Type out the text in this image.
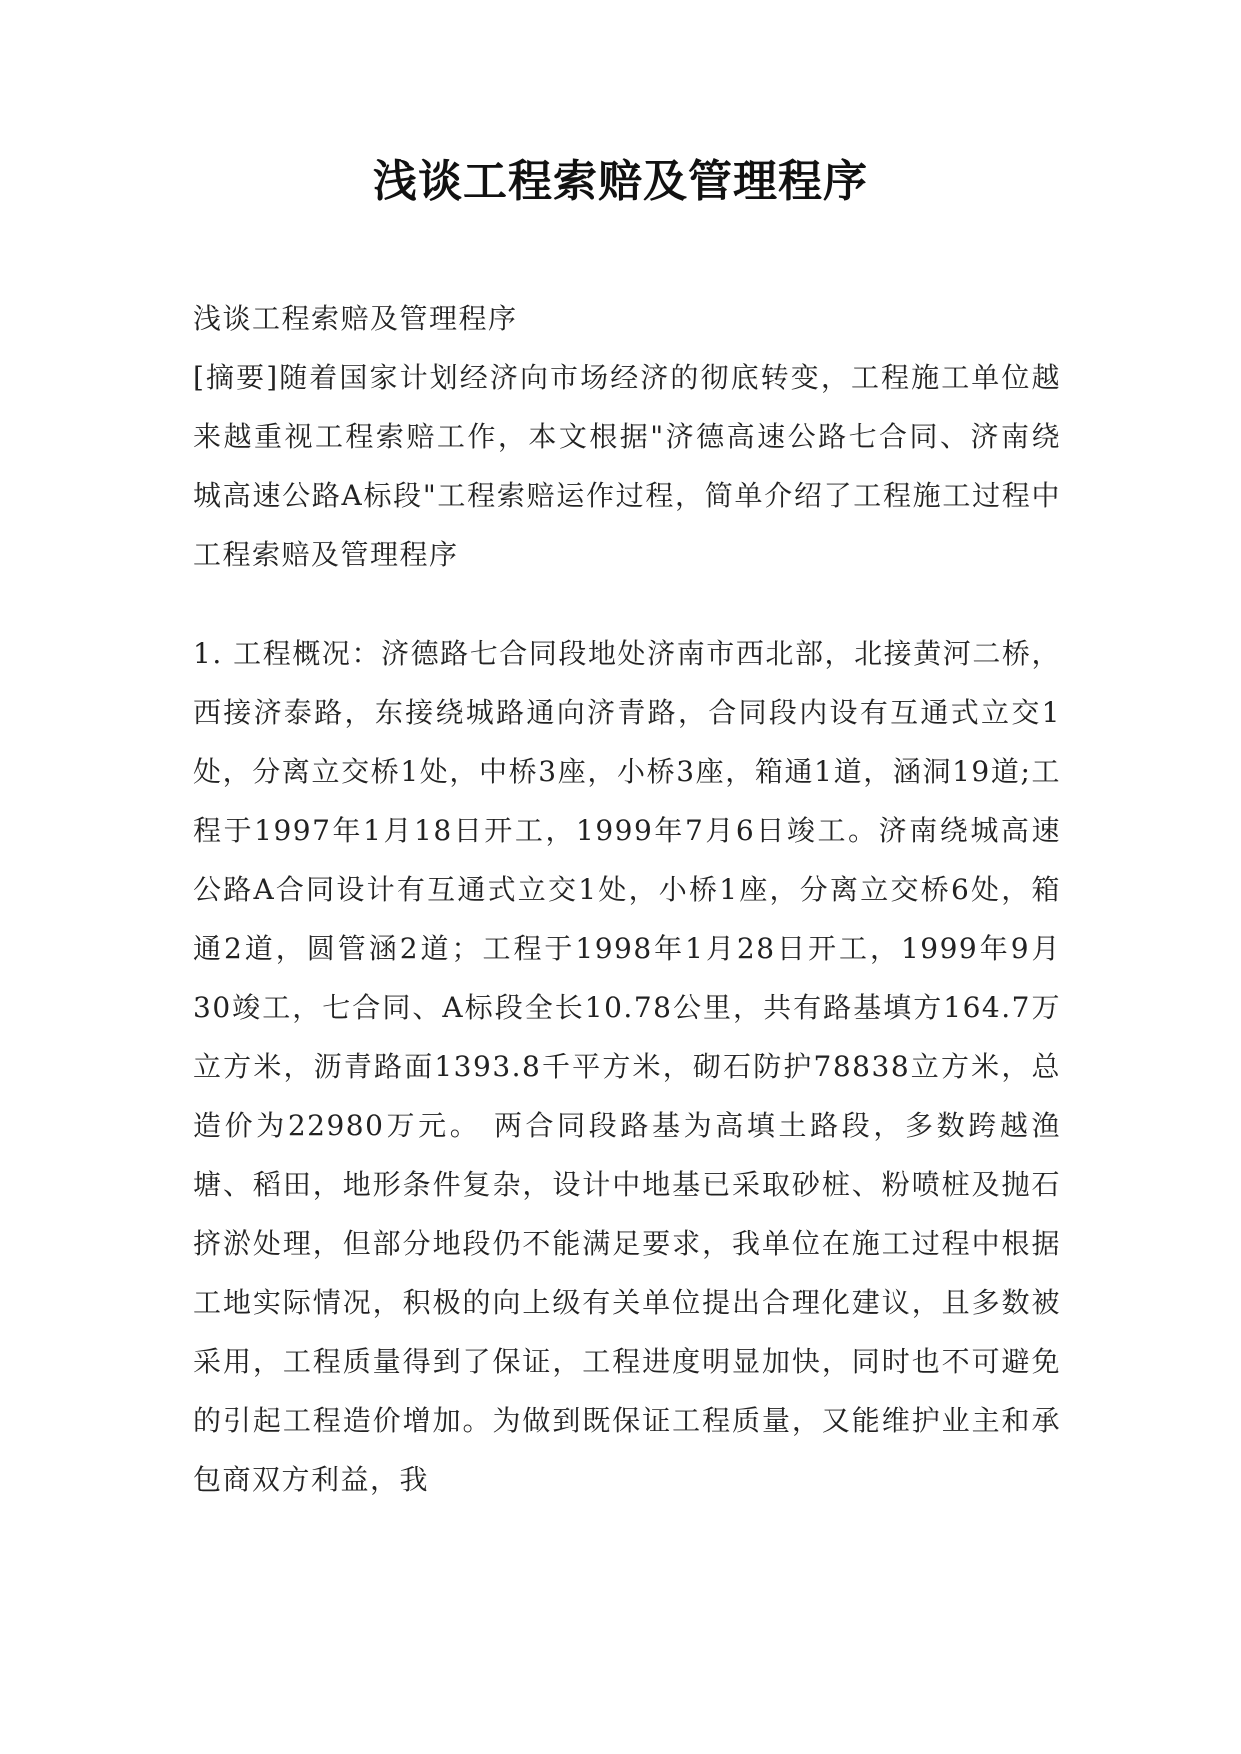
浅谈工程索赔及管理程序

浅谈工程索赔及管理程序

[摘要]随着国家计划经济向市场经济的彻底转变，工程施工单位越来越重视工程索赔工作，本文根据"济德高速公路七合同、济南绕城高速公路A标段"工程索赔运作过程，简单介绍了工程施工过程中工程索赔及管理程序

1. 工程概况：济德路七合同段地处济南市西北部，北接黄河二桥，西接济泰路，东接绕城路通向济青路，合同段内设有互通式立交1处，分离立交桥1处，中桥3座，小桥3座，箱通1道，涵洞19道;工程于1997年1月18日开工，1999年7月6日竣工。济南绕城高速公路A合同设计有互通式立交1处，小桥1座，分离立交桥6处，箱通2道，圆管涵2道；工程于1998年1月28日开工，1999年9月30竣工，七合同、A标段全长10.78公里，共有路基填方164.7万立方米，沥青路面1393.8千平方米，砌石防护78838立方米，总造价为22980万元。 两合同段路基为高填土路段，多数跨越渔塘、稻田，地形条件复杂，设计中地基已采取砂桩、粉喷桩及抛石挤淤处理，但部分地段仍不能满足要求，我单位在施工过程中根据工地实际情况，积极的向上级有关单位提出合理化建议，且多数被采用，工程质量得到了保证，工程进度明显加快，同时也不可避免的引起工程造价增加。为做到既保证工程质量，又能维护业主和承包商双方利益，我
